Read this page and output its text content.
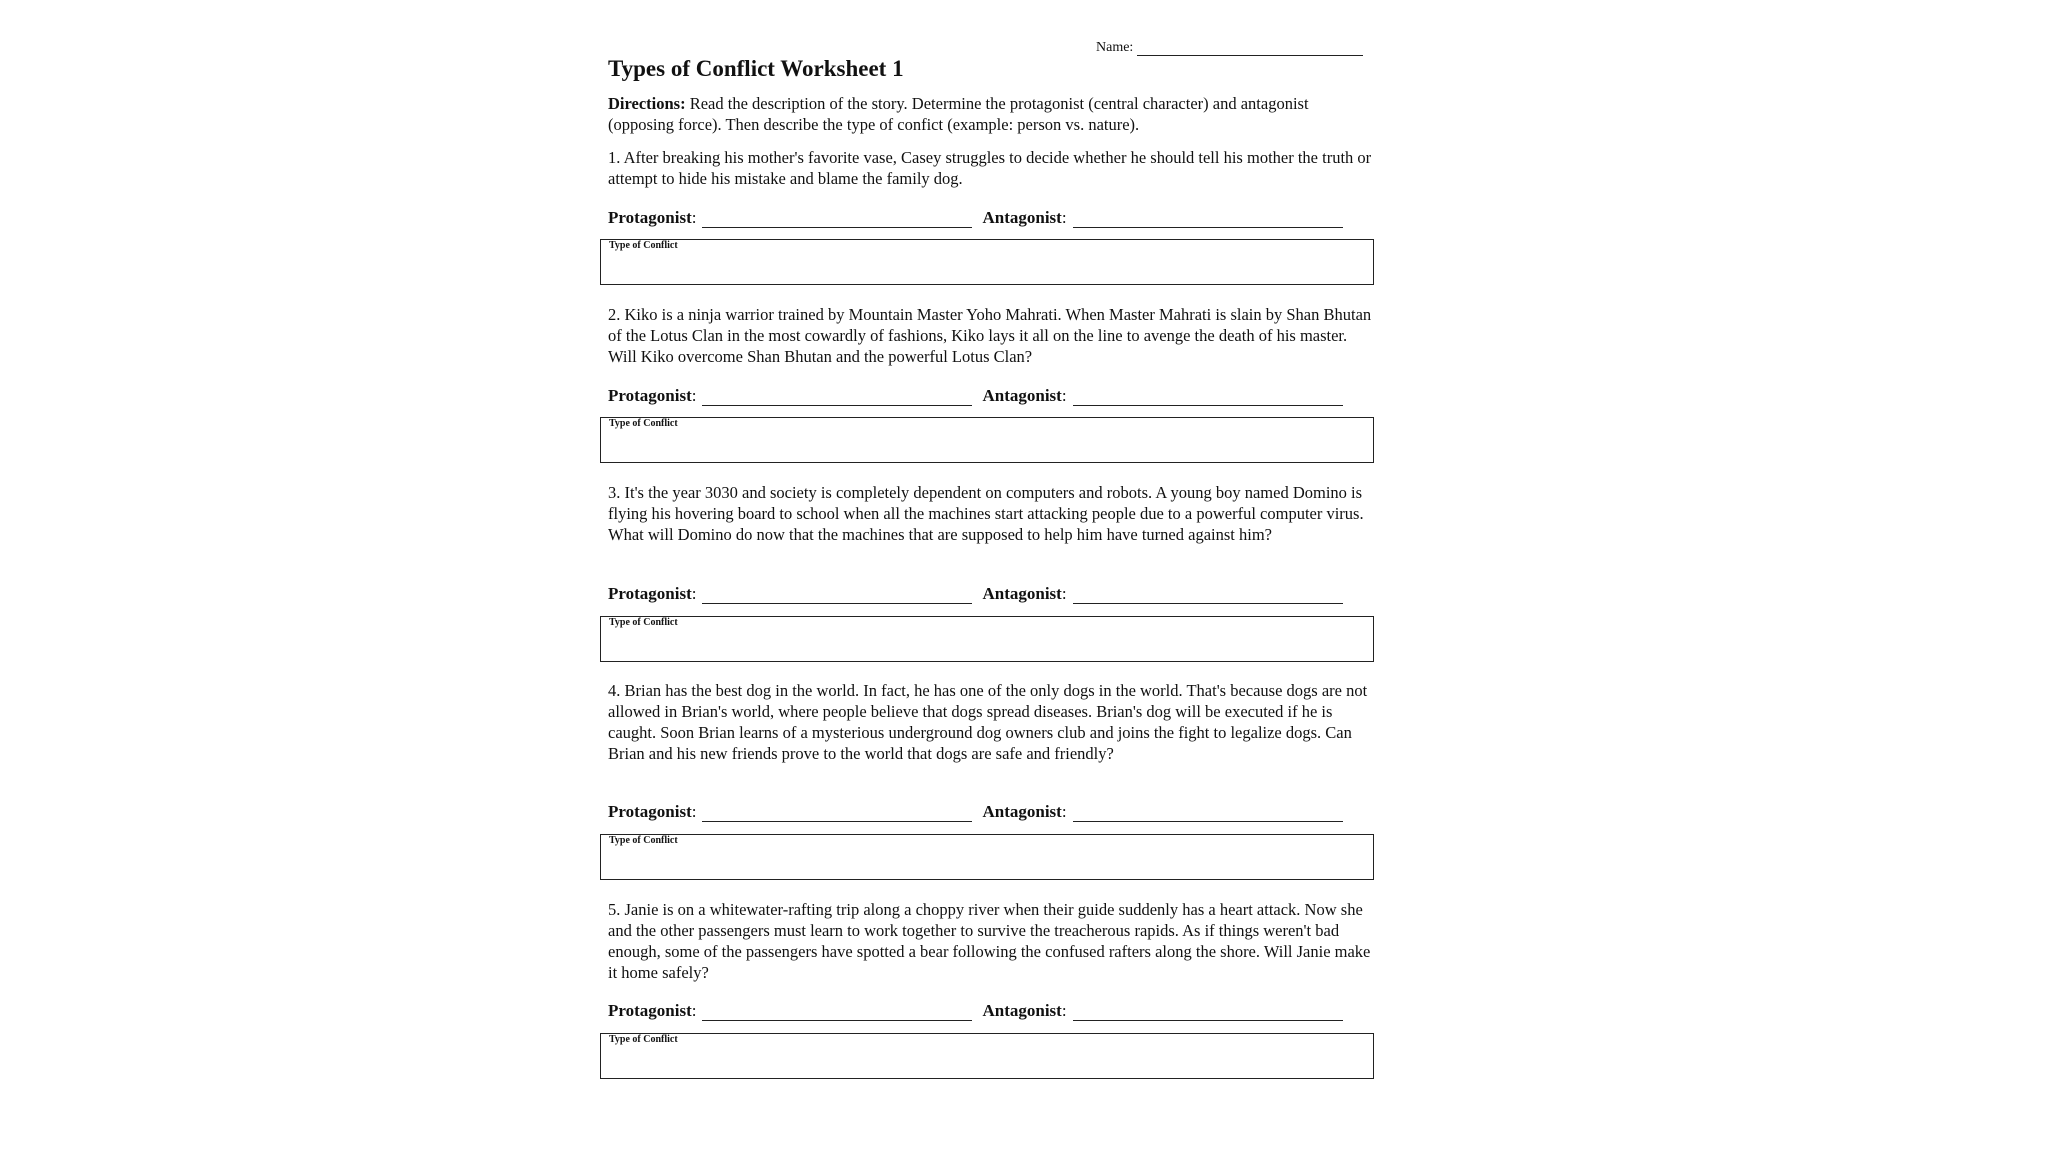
Name:
Types of Conflict Worksheet 1

Directions: Read the description of the story. Determine the protagonist (central character) and antagonist (opposing force). Then describe the type of confict (example: person vs. nature).

1. After breaking his mother's favorite vase, Casey struggles to decide whether he should tell his mother the truth or attempt to hide his mistake and blame the family dog.

Protagonist :	Antagonist :
Type of Conflict

2. Kiko is a ninja warrior trained by Mountain Master Yoho Mahrati. When Master Mahrati is slain by Shan Bhutan of the Lotus Clan in the most cowardly of fashions, Kiko lays it all on the line to avenge the death of his master. Will Kiko overcome Shan Bhutan and the powerful Lotus Clan?

Protagonist :	Antagonist :
Type of Conflict

3. It's the year 3030 and society is completely dependent on computers and robots. A young boy named Domino is flying his hovering board to school when all the machines start attacking people due to a powerful computer virus. What will Domino do now that the machines that are supposed to help him have turned against him?

Protagonist :	Antagonist :
Type of Conflict

4. Brian has the best dog in the world. In fact, he has one of the only dogs in the world. That's because dogs are not allowed in Brian's world, where people believe that dogs spread diseases. Brian's dog will be executed if he is caught. Soon Brian learns of a mysterious underground dog owners club and joins the fight to legalize dogs. Can Brian and his new friends prove to the world that dogs are safe and friendly?

Protagonist :	Antagonist :
Type of Conflict

5. Janie is on a whitewater-rafting trip along a choppy river when their guide suddenly has a heart attack. Now she and the other passengers must learn to work together to survive the treacherous rapids. As if things weren't bad enough, some of the passengers have spotted a bear following the confused rafters along the shore. Will Janie make it home safely?

Protagonist :	Antagonist :
Type of Conflict
